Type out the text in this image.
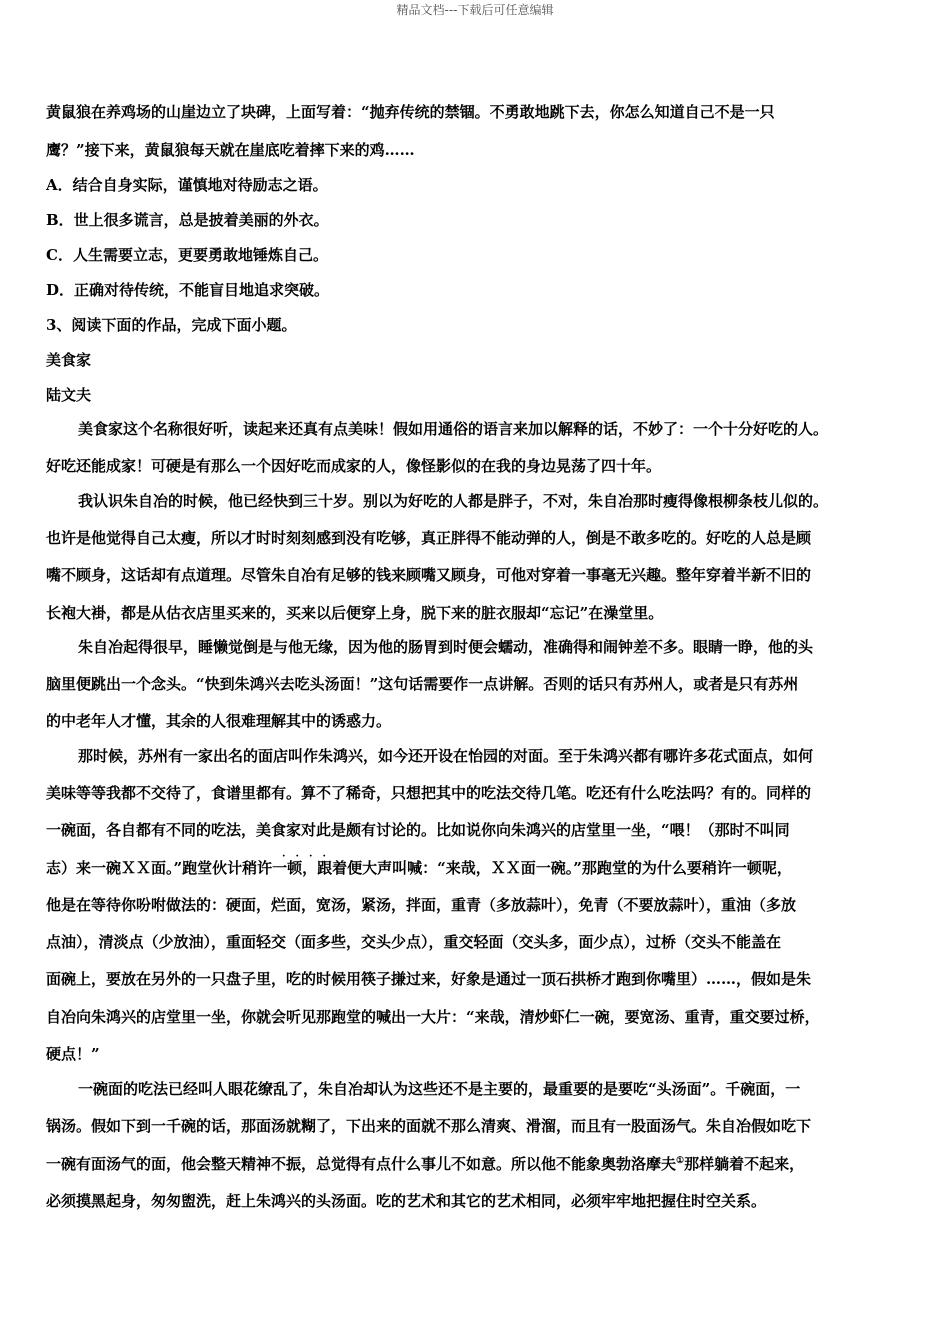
精品文档---下载后可任意编辑
黄鼠狼在养鸡场的山崖边立了块碑，上面写着：“抛弃传统的禁锢。不勇敢地跳下去，你怎么知道自己不是一只
鹰？”接下来，黄鼠狼每天就在崖底吃着摔下来的鸡……
A．结合自身实际，谨慎地对待励志之语。
B．世上很多谎言，总是披着美丽的外衣。
C．人生需要立志，更要勇敢地锤炼自己。
D．正确对待传统，不能盲目地追求突破。
3、阅读下面的作品，完成下面小题。
美食家
陆文夫
美食家这个名称很好听，读起来还真有点美味！假如用通俗的语言来加以解释的话，不妙了：一个十分好吃的人。
好吃还能成家！可硬是有那么一个因好吃而成家的人，像怪影似的在我的身边晃荡了四十年。
我认识朱自冶的时候，他已经快到三十岁。别以为好吃的人都是胖子，不对，朱自冶那时瘦得像根柳条枝儿似的。
也许是他觉得自己太瘦，所以才时时刻刻感到没有吃够，真正胖得不能动弹的人，倒是不敢多吃的。好吃的人总是顾
嘴不顾身，这话却有点道理。尽管朱自冶有足够的钱来顾嘴又顾身，可他对穿着一事毫无兴趣。整年穿着半新不旧的
长袍大褂，都是从估衣店里买来的，买来以后便穿上身，脱下来的脏衣服却“忘记”在澡堂里。
朱自冶起得很早，睡懒觉倒是与他无缘，因为他的肠胃到时便会蠕动，准确得和闹钟差不多。眼睛一睁，他的头
脑里便跳出一个念头。“快到朱鸿兴去吃头汤面！”这句话需要作一点讲解。否则的话只有苏州人，或者是只有苏州
的中老年人才懂，其余的人很难理解其中的诱惑力。
那时候，苏州有一家出名的面店叫作朱鸿兴，如今还开设在怡园的对面。至于朱鸿兴都有哪许多花式面点，如何
美味等等我都不交待了，食谱里都有。算不了稀奇，只想把其中的吃法交待几笔。吃还有什么吃法吗？有的。同样的
一碗面，各自都有不同的吃法，美食家对此是颇有讨论的。比如说你向朱鸿兴的店堂里一坐，“喂！（那时不叫同
····
志）来一碗ＸＸ面。”跑堂伙计稍许一顿，跟着便大声叫喊：“来哉，ＸＸ面一碗。”那跑堂的为什么要稍许一顿呢，
他是在等待你吩咐做法的：硬面，烂面，宽汤，紧汤，拌面，重青（多放蒜叶），免青（不要放蒜叶），重油（多放
点油），清淡点（少放油），重面轻交（面多些，交头少点），重交轻面（交头多，面少点），过桥（交头不能盖在
面碗上，要放在另外的一只盘子里，吃的时候用筷子搛过来，好象是通过一顶石拱桥才跑到你嘴里）……，假如是朱
自冶向朱鸿兴的店堂里一坐，你就会听见那跑堂的喊出一大片：“来哉，清炒虾仁一碗，要宽汤、重青，重交要过桥，
硬点！”
一碗面的吃法已经叫人眼花缭乱了，朱自冶却认为这些还不是主要的，最重要的是要吃“头汤面”。千碗面，一
锅汤。假如下到一千碗的话，那面汤就糊了，下出来的面就不那么清爽、滑溜，而且有一股面汤气。朱自冶假如吃下
一碗有面汤气的面，他会整天精神不振，总觉得有点什么事儿不如意。所以他不能象奥勃洛摩夫①那样躺着不起来，
必须摸黑起身，匆匆盥洗，赶上朱鸿兴的头汤面。吃的艺术和其它的艺术相同，必须牢牢地把握住时空关系。
